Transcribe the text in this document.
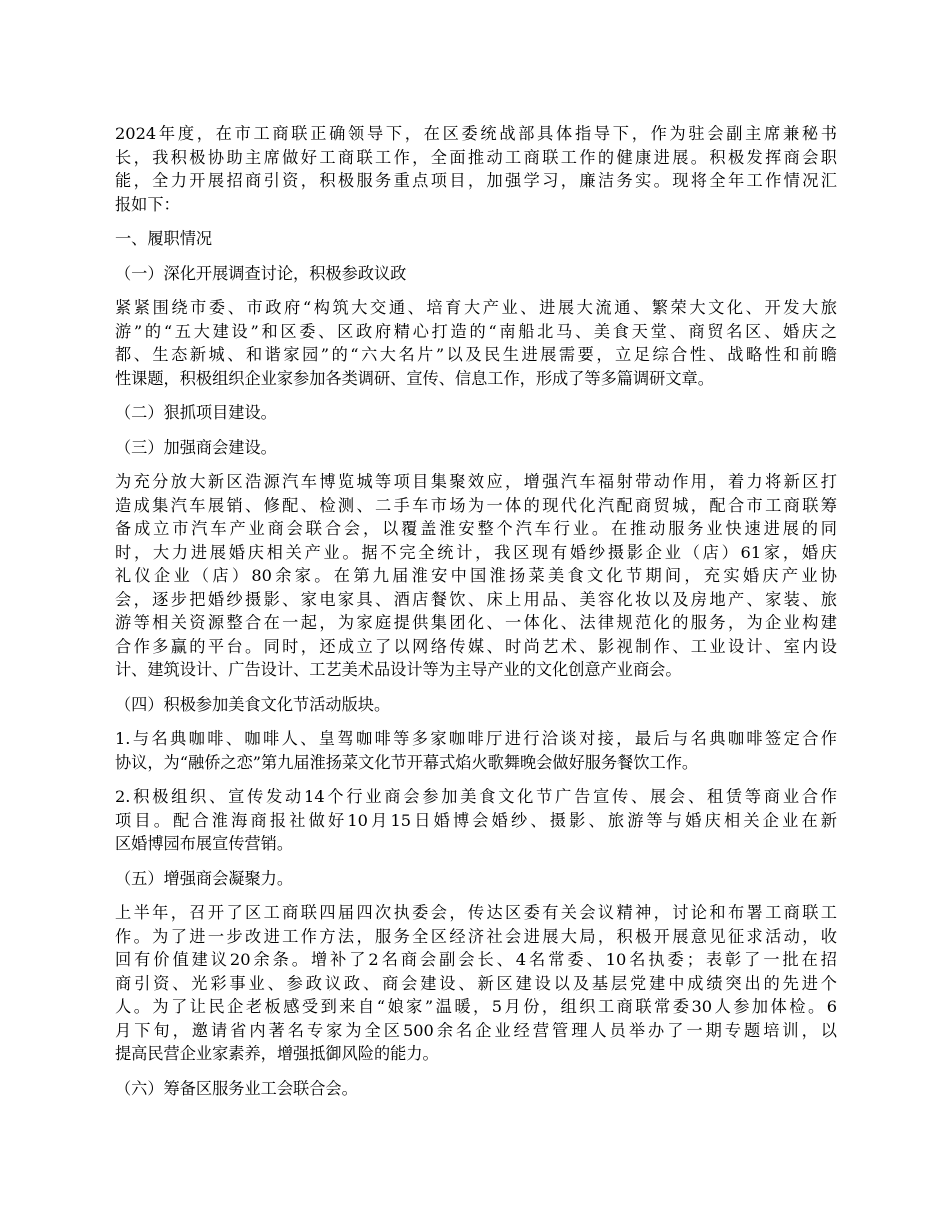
2024年度，在市工商联正确领导下，在区委统战部具体指导下，作为驻会副主席兼秘书
长，我积极协助主席做好工商联工作，全面推动工商联工作的健康进展。积极发挥商会职
能，全力开展招商引资，积极服务重点项目，加强学习，廉洁务实。现将全年工作情况汇
报如下：
一、履职情况
（一）深化开展调查讨论，积极参政议政
紧紧围绕市委、市政府“构筑大交通、培育大产业、进展大流通、繁荣大文化、开发大旅
游”的“五大建设”和区委、区政府精心打造的“南船北马、美食天堂、商贸名区、婚庆之
都、生态新城、和谐家园”的“六大名片”以及民生进展需要，立足综合性、战略性和前瞻
性课题，积极组织企业家参加各类调研、宣传、信息工作，形成了等多篇调研文章。
（二）狠抓项目建设。
（三）加强商会建设。
为充分放大新区浩源汽车博览城等项目集聚效应，增强汽车福射带动作用，着力将新区打
造成集汽车展销、修配、检测、二手车市场为一体的现代化汽配商贸城，配合市工商联筹
备成立市汽车产业商会联合会，以覆盖淮安整个汽车行业。在推动服务业快速进展的同
时，大力进展婚庆相关产业。据不完全统计，我区现有婚纱摄影企业（店）61家，婚庆
礼仪企业（店）80余家。在第九届淮安中国淮扬菜美食文化节期间，充实婚庆产业协
会，逐步把婚纱摄影、家电家具、酒店餐饮、床上用品、美容化妆以及房地产、家装、旅
游等相关资源整合在一起，为家庭提供集团化、一体化、法律规范化的服务，为企业构建
合作多赢的平台。同时，还成立了以网络传媒、时尚艺术、影视制作、工业设计、室内设
计、建筑设计、广告设计、工艺美术品设计等为主导产业的文化创意产业商会。
（四）积极参加美食文化节活动版块。
1.与名典咖啡、咖啡人、皇驾咖啡等多家咖啡厅进行洽谈对接，最后与名典咖啡签定合作
协议，为“融侨之恋”第九届淮扬菜文化节开幕式焰火歌舞晚会做好服务餐饮工作。
2.积极组织、宣传发动14个行业商会参加美食文化节广告宣传、展会、租赁等商业合作
项目。配合淮海商报社做好10月15日婚博会婚纱、摄影、旅游等与婚庆相关企业在新
区婚博园布展宣传营销。
（五）增强商会凝聚力。
上半年，召开了区工商联四届四次执委会，传达区委有关会议精神，讨论和布署工商联工
作。为了进一步改进工作方法，服务全区经济社会进展大局，积极开展意见征求活动，收
回有价值建议20余条。增补了2名商会副会长、4名常委、10名执委；表彰了一批在招
商引资、光彩事业、参政议政、商会建设、新区建设以及基层党建中成绩突出的先进个
人。为了让民企老板感受到来自“娘家”温暖，5月份，组织工商联常委30人参加体检。6
月下旬，邀请省内著名专家为全区500余名企业经营管理人员举办了一期专题培训，以
提高民营企业家素养，增强抵御风险的能力。
（六）筹备区服务业工会联合会。
